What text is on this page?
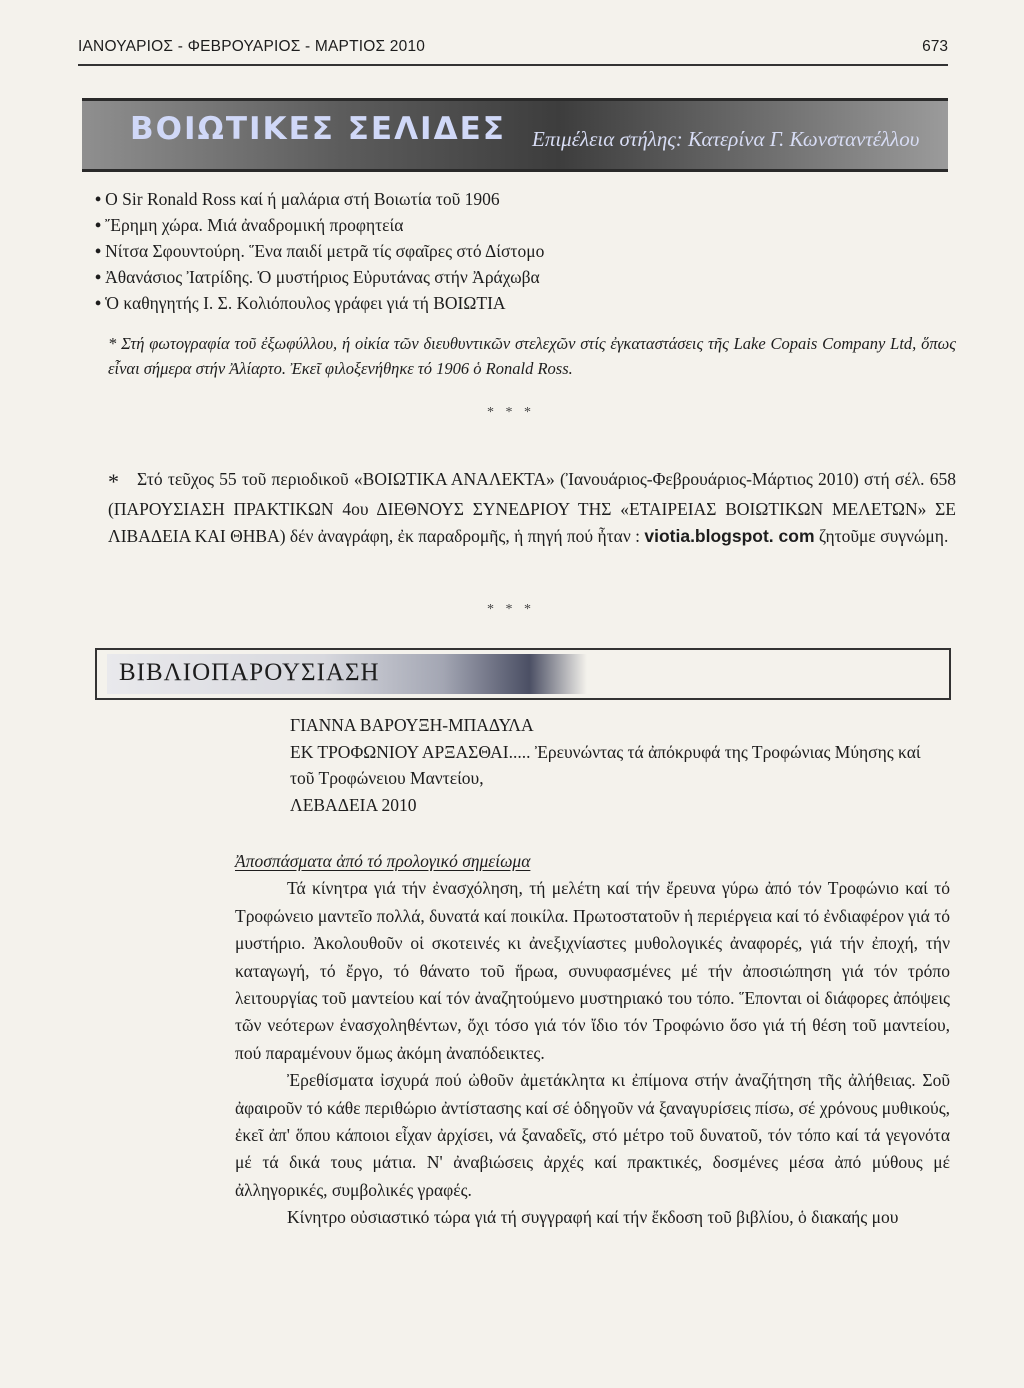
ΙΑΝΟΥΑΡΙΟΣ - ΦΕΒΡΟΥΑΡΙΟΣ - ΜΑΡΤΙΟΣ 2010	673
ΒΟΙΩΤΙΚΕΣ ΣΕΛΙΔΕΣ Επιμέλεια στήλης: Κατερίνα Γ. Κωνσταντέλλου
• Ο Sir Ronald Ross καί ή μαλάρια στή Βοιωτία τοῦ 1906
• Ἔρημη χώρα. Μιά ἀναδρομική προφητεία
• Νίτσα Σφουντούρη. Ἕνα παιδί μετρᾶ τίς σφαῖρες στό Δίστομο
• Ἀθανάσιος Ἰατρίδης. Ὁ μυστήριος Εὐρυτάνας στήν Ἀράχωβα
• Ὁ καθηγητής Ι. Σ. Κολιόπουλος γράφει γιά τή ΒΟΙΩΤΙΑ
* Στή φωτογραφία τοῦ ἐξωφύλλου, ή οἰκία τῶν διευθυντικῶν στελεχῶν στίς ἐγκαταστάσεις τῆς Lake Copais Company Ltd, ὅπως εἶναι σήμερα στήν Ἀλίαρτο. Ἐκεῖ φιλοξενήθηκε τό 1906 ὁ Ronald Ross.
* * *
* Στό τεῦχος 55 τοῦ περιοδικοῦ «ΒΟΙΩΤΙΚΑ ΑΝΑΛΕΚΤΑ» (Ἰανουάριος-Φεβρουάριος-Μάρτιος 2010) στή σέλ. 658 (ΠΑΡΟΥΣΙΑΣΗ ΠΡΑΚΤΙΚΩΝ 4ου ΔΙΕΘΝΟΥΣ ΣΥΝΕΔΡΙΟΥ ΤΗΣ «ΕΤΑΙΡΕΙΑΣ ΒΟΙΩΤΙΚΩΝ ΜΕΛΕΤΩΝ» ΣΕ ΛΙΒΑΔΕΙΑ ΚΑΙ ΘΗΒΑ) δέν ἀναγράφη, ἐκ παραδρομῆς, ἡ πηγή πού ἦταν : viotia.blogspot. com ζητοῦμε συγνώμη.
* * *
ΒΙΒΛΙΟΠΑΡΟΥΣΙΑΣΗ
ΓΙΑΝΝΑ ΒΑΡΟΥΞΗ-ΜΠΑΔΥΛΑ
ΕΚ ΤΡΟΦΩΝΙΟΥ ΑΡΞΑΣΘΑΙ..... Ἐρευνώντας τά ἀπόκρυφά της Τροφώνιας Μύησης καί τοῦ Τροφώνειου Μαντείου,
ΛΕΒΑΔΕΙΑ 2010
Ἀποσπάσματα ἀπό τό προλογικό σημείωμα

Τά κίνητρα γιά τήν ἐνασχόληση, τή μελέτη καί τήν ἔρευνα γύρω ἀπό τόν Τροφώνιο καί τό Τροφώνειο μαντεῖο πολλά, δυνατά καί ποικίλα. Πρωτοστατοῦν ἡ περιέργεια καί τό ἐνδιαφέρον γιά τό μυστήριο. Ἀκολουθοῦν οἱ σκοτεινές κι ἀνεξιχνίαστες μυθολογικές ἀναφορές, γιά τήν ἐποχή, τήν καταγωγή, τό ἔργο, τό θάνατο τοῦ ἥρωα, συνυφασμένες μέ τήν ἀποσιώπηση γιά τόν τρόπο λειτουργίας τοῦ μαντείου καί τόν ἀναζητούμενο μυστηριακό του τόπο. Ἕπονται οἱ διάφορες ἀπόψεις τῶν νεότερων ἐνασχοληθέντων, ὄχι τόσο γιά τόν ἴδιο τόν Τροφώνιο ὅσο γιά τή θέση τοῦ μαντείου, πού παραμένουν ὅμως ἀκόμη ἀναπόδεικτες.

Ἐρεθίσματα ἰσχυρά πού ὠθοῦν ἀμετάκλητα κι ἐπίμονα στήν ἀναζήτηση τῆς ἀλήθειας. Σοῦ ἀφαιροῦν τό κάθε περιθώριο ἀντίστασης καί σέ ὁδηγοῦν νά ξαναγυρίσεις πίσω, σέ χρόνους μυθικούς, ἐκεῖ ἀπ' ὅπου κάποιοι εἶχαν ἀρχίσει, νά ξαναδεῖς, στό μέτρο τοῦ δυνατοῦ, τόν τόπο καί τά γεγονότα μέ τά δικά τους μάτια. Ν' ἀναβιώσεις ἀρχές καί πρακτικές, δοσμένες μέσα ἀπό μύθους μέ ἀλληγορικές, συμβολικές γραφές.

Κίνητρο οὐσιαστικό τώρα γιά τή συγγραφή καί τήν ἔκδοση τοῦ βιβλίου, ὁ διακαής μου
